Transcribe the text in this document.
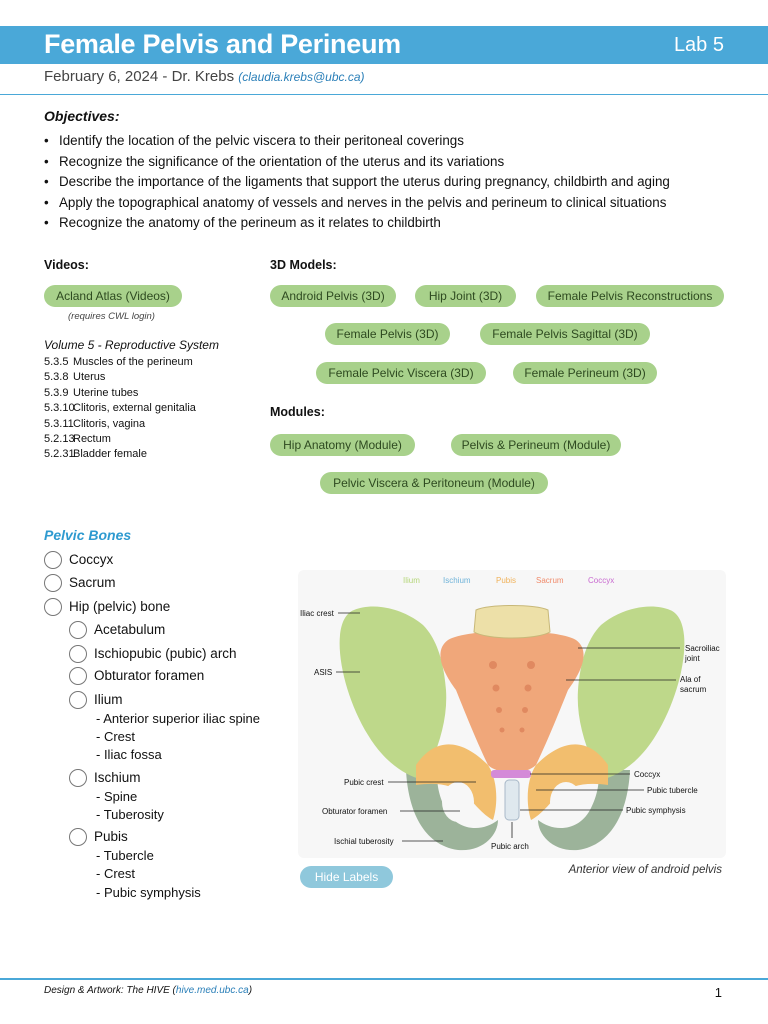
Female Pelvis and Perineum	Lab 5
February 6, 2024 - Dr. Krebs (claudia.krebs@ubc.ca)
Objectives:
• Identify the location of the pelvic viscera to their peritoneal coverings
• Recognize the significance of the orientation of the uterus and its variations
• Describe the importance of the ligaments that support the uterus during pregnancy, childbirth and aging
• Apply the topographical anatomy of vessels and nerves in the pelvis and perineum to clinical situations
• Recognize the anatomy of the perineum as it relates to childbirth
Videos:
Acland Atlas (Videos)
(requires CWL login)
Volume 5 - Reproductive System
5.3.5 Muscles of the perineum
5.3.8 Uterus
5.3.9 Uterine tubes
5.3.10Clitoris, external genitalia
5.3.11Clitoris, vagina
5.2.13Rectum
5.2.31Bladder female
3D Models:
Android Pelvis (3D)	Hip Joint (3D)	Female Pelvis Reconstructions
Female Pelvis (3D)	Female Pelvis Sagittal (3D)
Female Pelvic Viscera (3D)	Female Perineum (3D)
Modules:
Hip Anatomy (Module)	Pelvis & Perineum (Module)
Pelvic Viscera & Peritoneum (Module)
Pelvic Bones
Coccyx
Sacrum
Hip (pelvic) bone
Acetabulum
Ischiopubic (pubic) arch
Obturator foramen
Ilium
- Anterior superior iliac spine
- Crest
- Iliac fossa
Ischium
- Spine
- Tuberosity
Pubis
- Tubercle
- Crest
- Pubic symphysis
Ilium	Ischium	Pubis Sacrum	Coccyx
Iliac crest
ASIS
Pubic crest
Obturator foramen
Ischial tuberosity
Sacroiliac
joint
Ala of
sacrum
Coccyx
Pubic tubercle
Pubic symphysis
Pubic arch
Hide Labels	Anterior view of android pelvis
Design & Artwork: The HIVE (hive.med.ubc.ca)	1
